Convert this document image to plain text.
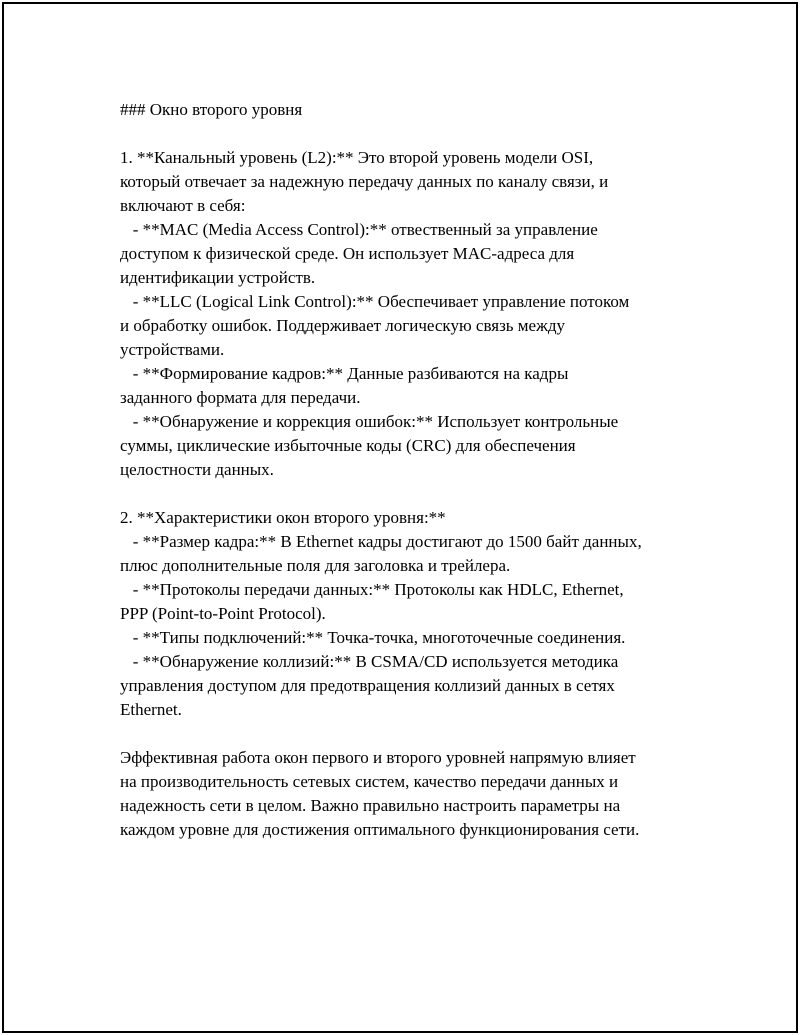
### Окно второго уровня
1. **Канальный уровень (L2):** Это второй уровень модели OSI,
который отвечает за надежную передачу данных по каналу связи, и
включают в себя:
- **MAC (Media Access Control):** отвественный за управление
доступом к физической среде. Он использует MAC-адреса для
идентификации устройств.
- **LLC (Logical Link Control):** Обеспечивает управление потоком
и обработку ошибок. Поддерживает логическую связь между
устройствами.
- **Формирование кадров:** Данные разбиваются на кадры
заданного формата для передачи.
- **Обнаружение и коррекция ошибок:** Использует контрольные
суммы, циклические избыточные коды (CRC) для обеспечения
целостности данных.
2. **Характеристики окон второго уровня:**
- **Размер кадра:** В Ethernet кадры достигают до 1500 байт данных,
плюс дополнительные поля для заголовка и трейлера.
- **Протоколы передачи данных:** Протоколы как HDLC, Ethernet,
PPP (Point-to-Point Protocol).
- **Типы подключений:** Точка-точка, многоточечные соединения.
- **Обнаружение коллизий:** В CSMA/CD используется методика
управления доступом для предотвращения коллизий данных в сетях
Ethernet.
Эффективная работа окон первого и второго уровней напрямую влияет
на производительность сетевых систем, качество передачи данных и
надежность сети в целом. Важно правильно настроить параметры на
каждом уровне для достижения оптимального функционирования сети.
